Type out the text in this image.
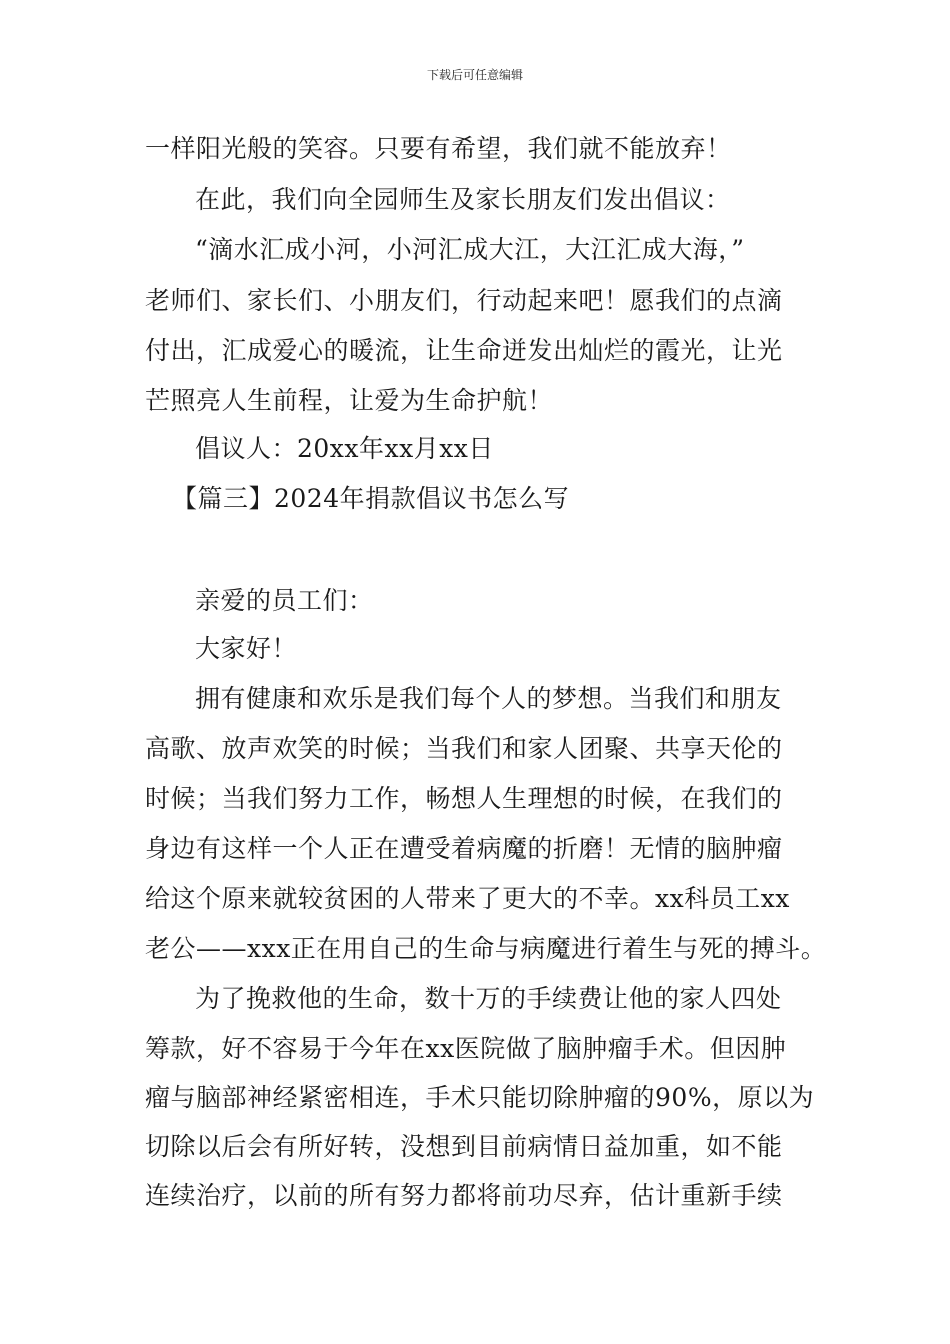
下载后可任意编辑
一样阳光般的笑容。只要有希望，我们就不能放弃！
在此，我们向全园师生及家长朋友们发出倡议：
“滴水汇成小河，小河汇成大江，大江汇成大海，”
老师们、家长们、小朋友们，行动起来吧！愿我们的点滴
付出，汇成爱心的暖流，让生命迸发出灿烂的霞光，让光
芒照亮人生前程，让爱为生命护航！
倡议人：20xx年xx月xx日
【篇三】2024年捐款倡议书怎么写
亲爱的员工们：
大家好！
拥有健康和欢乐是我们每个人的梦想。当我们和朋友
高歌、放声欢笑的时候；当我们和家人团聚、共享天伦的
时候；当我们努力工作，畅想人生理想的时候，在我们的
身边有这样一个人正在遭受着病魔的折磨！无情的脑肿瘤
给这个原来就较贫困的人带来了更大的不幸。xx科员工xx
老公——xxx正在用自己的生命与病魔进行着生与死的搏斗。
为了挽救他的生命，数十万的手续费让他的家人四处
筹款，好不容易于今年在xx医院做了脑肿瘤手术。但因肿
瘤与脑部神经紧密相连，手术只能切除肿瘤的90%，原以为
切除以后会有所好转，没想到目前病情日益加重，如不能
连续治疗，以前的所有努力都将前功尽弃，估计重新手续
